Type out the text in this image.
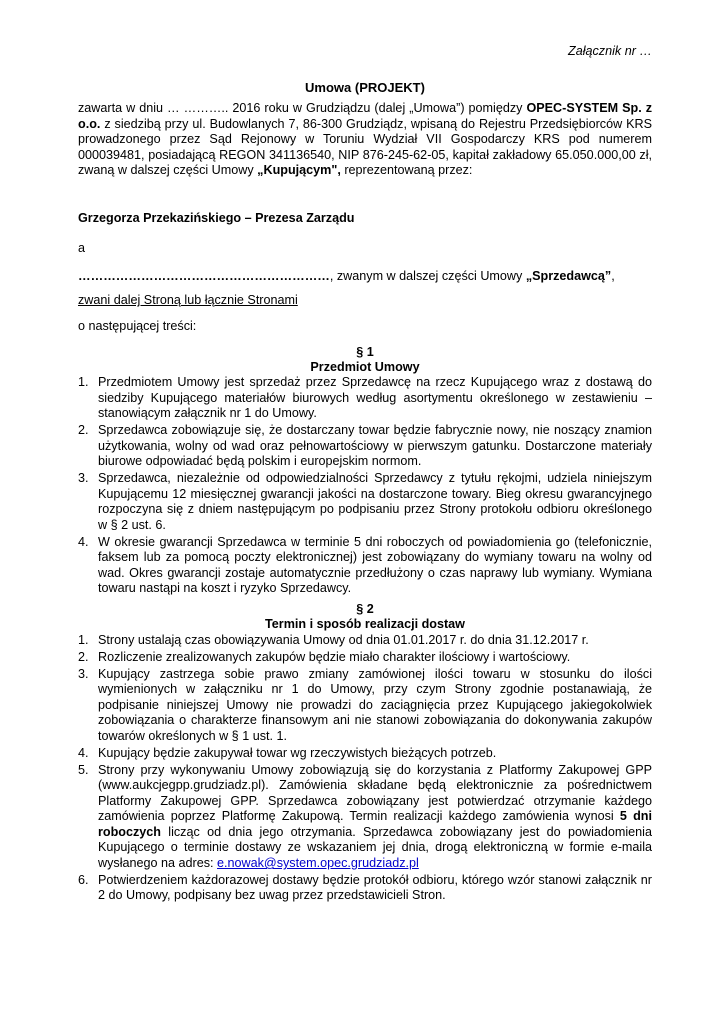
Załącznik nr …
Umowa (PROJEKT)
zawarta w dniu … ……….. 2016 roku w Grudziądzu (dalej „Umowa”) pomiędzy OPEC-SYSTEM Sp. z o.o. z siedzibą przy ul. Budowlanych 7, 86-300 Grudziądz, wpisaną do Rejestru Przedsiębiorców KRS prowadzonego przez Sąd Rejonowy w Toruniu Wydział VII Gospodarczy KRS pod numerem 000039481, posiadającą REGON 341136540, NIP 876-245-62-05, kapitał zakładowy 65.050.000,00 zł, zwaną w dalszej części Umowy „Kupującym", reprezentowaną przez:
Grzegorza Przekazińskiego – Prezesa Zarządu
a
……………………………………………………, zwanym w dalszej części Umowy „Sprzedawcą”,
zwani dalej Stroną lub łącznie Stronami
o następującej treści:
§ 1
Przedmiot Umowy
1. Przedmiotem Umowy jest sprzedaż przez Sprzedawcę na rzecz Kupującego wraz z dostawą do siedziby Kupującego materiałów biurowych według asortymentu określonego w zestawieniu – stanowiącym załącznik nr 1 do Umowy.
2. Sprzedawca zobowiązuje się, że dostarczany towar będzie fabrycznie nowy, nie noszący znamion użytkowania, wolny od wad oraz pełnowartościowy w pierwszym gatunku. Dostarczone materiały biurowe odpowiadać będą polskim i europejskim normom.
3. Sprzedawca, niezależnie od odpowiedzialności Sprzedawcy z tytułu rękojmi, udziela niniejszym Kupującemu 12 miesięcznej gwarancji jakości na dostarczone towary. Bieg okresu gwarancyjnego rozpoczyna się z dniem następującym po podpisaniu przez Strony protokołu odbioru określonego w § 2 ust. 6.
4. W okresie gwarancji Sprzedawca w terminie 5 dni roboczych od powiadomienia go (telefonicznie, faksem lub za pomocą poczty elektronicznej) jest zobowiązany do wymiany towaru na wolny od wad. Okres gwarancji zostaje automatycznie przedłużony o czas naprawy lub wymiany. Wymiana towaru nastąpi na koszt i ryzyko Sprzedawcy.
§ 2
Termin i sposób realizacji dostaw
1. Strony ustalają czas obowiązywania Umowy od dnia 01.01.2017 r. do dnia 31.12.2017 r.
2. Rozliczenie zrealizowanych zakupów będzie miało charakter ilościowy i wartościowy.
3. Kupujący zastrzega sobie prawo zmiany zamówionej ilości towaru w stosunku do ilości wymienionych w załączniku nr 1 do Umowy, przy czym Strony zgodnie postanawiają, że podpisanie niniejszej Umowy nie prowadzi do zaciągnięcia przez Kupującego jakiegokolwiek zobowiązania o charakterze finansowym ani nie stanowi zobowiązania do dokonywania zakupów towarów określonych w § 1 ust. 1.
4. Kupujący będzie zakupywał towar wg rzeczywistych bieżących potrzeb.
5. Strony przy wykonywaniu Umowy zobowiązują się do korzystania z Platformy Zakupowej GPP (www.aukcjegpp.grudziadz.pl). Zamówienia składane będą elektronicznie za pośrednictwem Platformy Zakupowej GPP. Sprzedawca zobowiązany jest potwierdzać otrzymanie każdego zamówienia poprzez Platformę Zakupową. Termin realizacji każdego zamówienia wynosi 5 dni roboczych licząc od dnia jego otrzymania. Sprzedawca zobowiązany jest do powiadomienia Kupującego o terminie dostawy ze wskazaniem jej dnia, drogą elektroniczną w formie e-maila wysłanego na adres: e.nowak@system.opec.grudziadz.pl
6. Potwierdzeniem każdorazowej dostawy będzie protokół odbioru, którego wzór stanowi załącznik nr 2 do Umowy, podpisany bez uwag przez przedstawicieli Stron.
